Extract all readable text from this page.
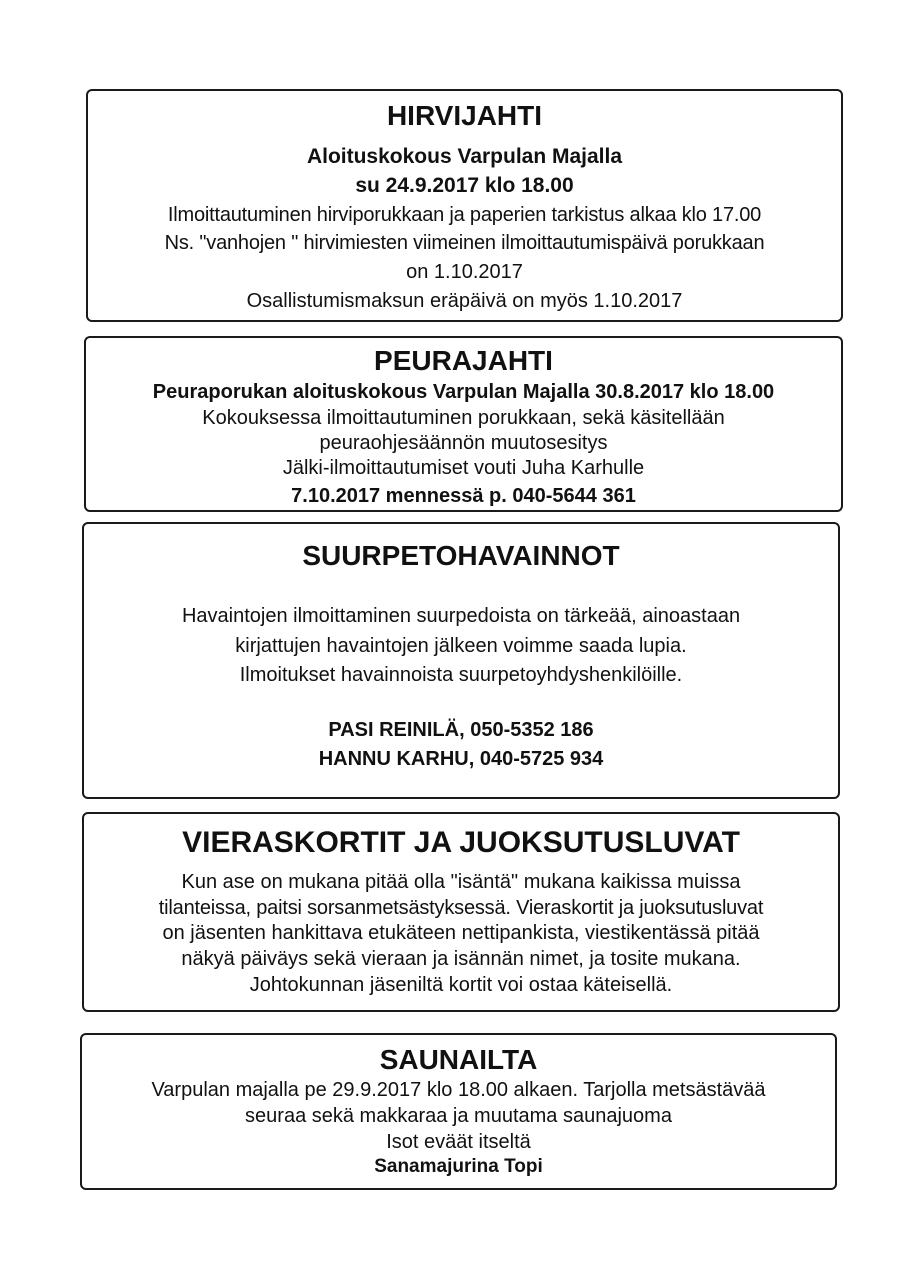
HIRVIJAHTI
Aloituskokous Varpulan Majalla
su 24.9.2017 klo 18.00
Ilmoittautuminen hirviporukkaan ja paperien tarkistus alkaa klo 17.00
Ns. "vanhojen " hirvimiesten viimeinen ilmoittautumispäivä porukkaan
on 1.10.2017
Osallistumismaksun eräpäivä on myös 1.10.2017
PEURAJAHTI
Peuraporukan aloituskokous Varpulan Majalla 30.8.2017 klo 18.00
Kokouksessa ilmoittautuminen porukkaan, sekä käsitellään
peuraohjesäännön muutosesitys
Jälki-ilmoittautumiset vouti Juha Karhulle
7.10.2017 mennessä p. 040-5644 361
SUURPETOHAVAINNOT
Havaintojen ilmoittaminen suurpedoista on tärkeää, ainoastaan
kirjattujen havaintojen jälkeen voimme saada lupia.
Ilmoitukset havainnoista suurpetoyhdyshenkilöille.
PASI REINILÄ, 050-5352 186
HANNU KARHU, 040-5725 934
VIERASKORTIT JA JUOKSUTUSLUVAT
Kun ase on mukana pitää olla "isäntä" mukana kaikissa muissa
tilanteissa, paitsi sorsanmetsästyksessä. Vieraskortit ja juoksutusluvat
on jäsenten hankittava etukäteen nettipankista, viestikentässä pitää
näkyä päiväys sekä vieraan ja isännän nimet, ja tosite mukana.
Johtokunnan jäseniltä kortit voi ostaa käteisellä.
SAUNAILTA
Varpulan majalla pe 29.9.2017 klo 18.00 alkaen. Tarjolla metsästävää
seuraa sekä makkaraa ja muutama saunajuoma
Isot eväät itseltä
Sanamajurina Topi
